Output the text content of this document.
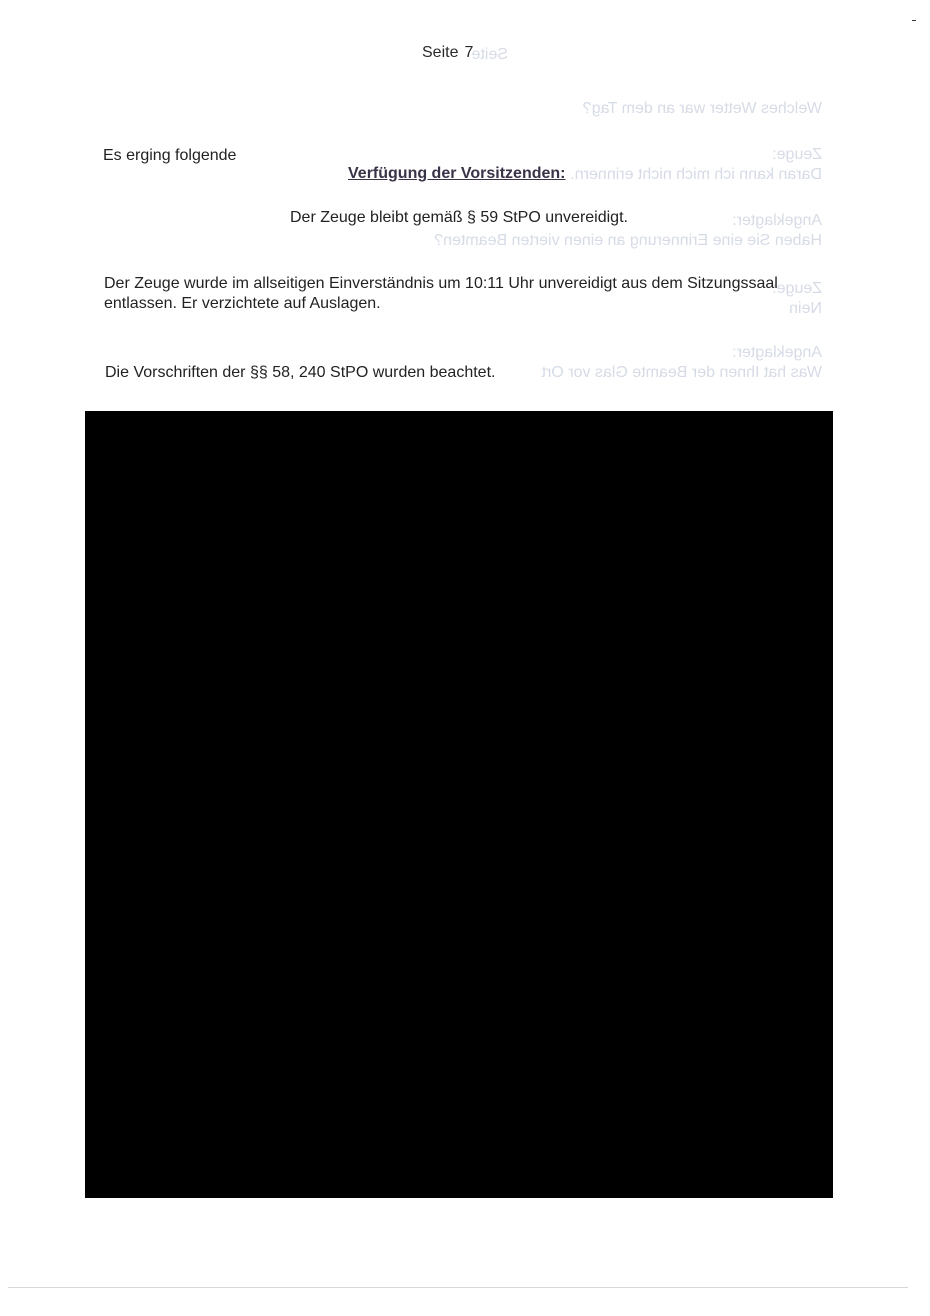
Welches Wetter war an dem Tag?
Zeuge:
Daran kann ich mich nicht erinnern.
Angeklagter:
Haben Sie eine Erinnerung an einen vierten Beamten?
Zeuge:
Nein
Angeklagter:
Was hat Ihnen der Beamte Glas vor Ort
Seite
Seite 7
Es erging folgende
Verfügung der Vorsitzenden:
Der Zeuge bleibt gemäß § 59 StPO unvereidigt.
Der Zeuge wurde im allseitigen Einverständnis um 10:11 Uhr unvereidigt aus dem Sitzungssaal entlassen. Er verzichtete auf Auslagen.
Die Vorschriften der §§ 58, 240 StPO wurden beachtet.
